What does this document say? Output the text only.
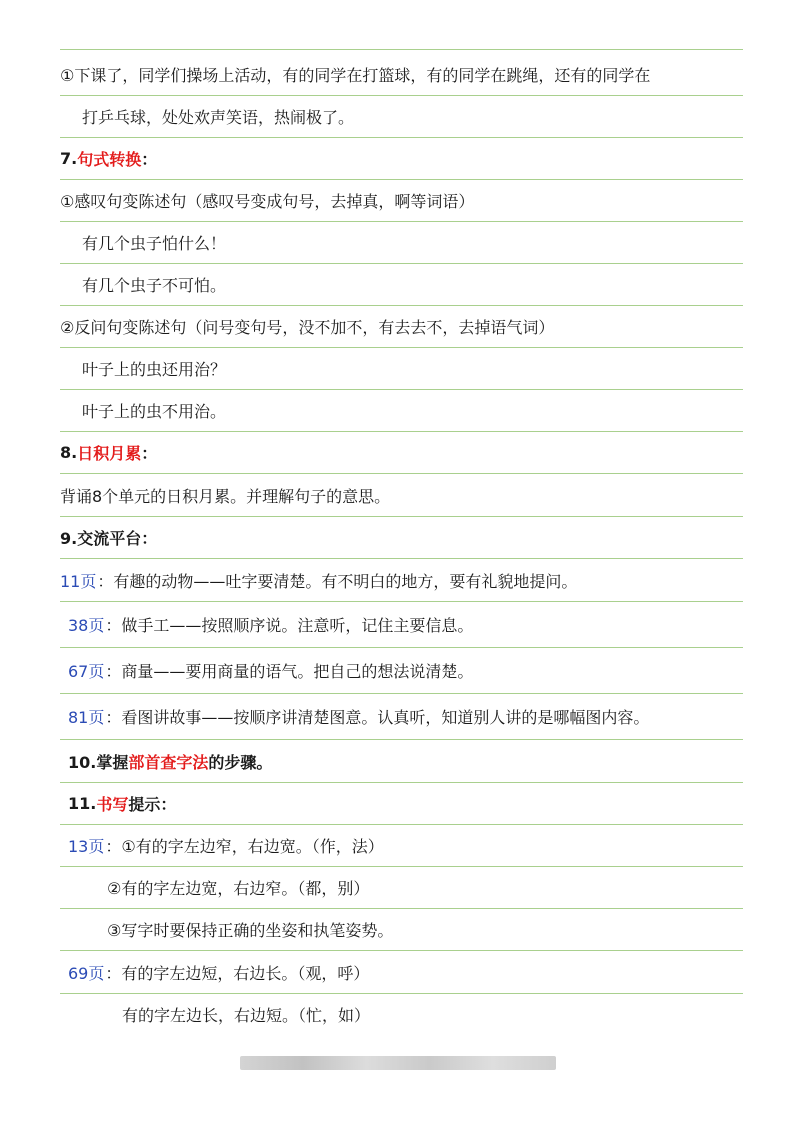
①下课了，同学们操场上活动，有的同学在打篮球，有的同学在跳绳，还有的同学在
打乒乓球，处处欢声笑语，热闹极了。
7. 句式转换 ：
①感叹句变陈述句（感叹号变成句号，去掉真，啊等词语）
有几个虫子怕什么！
有几个虫子不可怕。
②反问句变陈述句（问号变句号，没不加不，有去去不，去掉语气词）
叶子上的虫还用治？
叶子上的虫不用治。
8. 日积月累 ：
背诵8个单元的日积月累。并理解句子的意思。
9.交流平台：
11页 ：有趣的动物——吐字要清楚。有不明白的地方，要有礼貌地提问。
38页 ：做手工——按照顺序说。注意听，记住主要信息。
67页 ：商量——要用商量的语气。把自己的想法说清楚。
81页 ：看图讲故事——按顺序讲清楚图意。认真听，知道别人讲的是哪幅图内容。
10.掌握 部首查字法 的步骤。
11. 书写 提示：
13页 ：①有的字左边窄，右边宽。（作，法）
②有的字左边宽，右边窄。（都，别）
③写字时要保持正确的坐姿和执笔姿势。
69页 ：有的字左边短，右边长。（观，呼）
有的字左边长，右边短。（忙，如）
